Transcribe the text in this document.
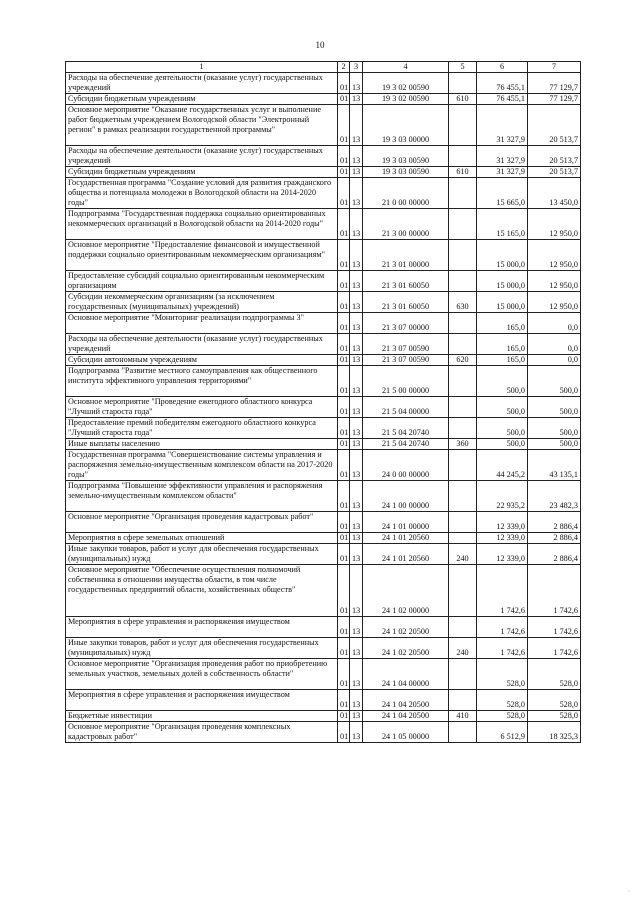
10
1	2	3	4	5	6	7
Расходы на обеспечение деятельности (оказание услуг) государственных учреждений	01	13	19 3 02 00590		76 455,1	77 129,7
Субсидии бюджетным учреждениям	01	13	19 3 02 00590	610	76 455,1	77 129,7
Основное мероприятие "Оказание государственных услуг и выполнение работ бюджетным учреждением Вологодской области "Электронный регион" в рамках реализации государственной программы"	01	13	19 3 03 00000		31 327,9	20 513,7
Расходы на обеспечение деятельности (оказание услуг) государственных учреждений	01	13	19 3 03 00590		31 327,9	20 513,7
Субсидии бюджетным учреждениям	01	13	19 3 03 00590	610	31 327,9	20 513,7
Государственная программа "Создание условий для развития гражданского общества и потенциала молодежи в Вологодской области на 2014-2020 годы"	01	13	21 0 00 00000		15 665,0	13 450,0
Подпрограмма "Государственная поддержка социально ориентированных некоммерческих организаций в Вологодской области на 2014-2020 годы"	01	13	21 3 00 00000		15 165,0	12 950,0
Основное мероприятие "Предоставление финансовой и имущественной поддержки социально ориентированным некоммерческим организациям"	01	13	21 3 01 00000		15 000,0	12 950,0
Предоставление субсидий социально ориентированным некоммерческим организациям	01	13	21 3 01 60050		15 000,0	12 950,0
Субсидии некоммерческим организациям (за исключением государственных (муниципальных) учреждений)	01	13	21 3 01 60050	630	15 000,0	12 950,0
Основное мероприятие "Мониторинг реализации подпрограммы 3"	01	13	21 3 07 00000		165,0	0,0
Расходы на обеспечение деятельности (оказание услуг) государственных учреждений	01	13	21 3 07 00590		165,0	0,0
Субсидии автономным учреждениям	01	13	21 3 07 00590	620	165,0	0,0
Подпрограмма "Развитие местного самоуправления как общественного института эффективного управления территориями"	01	13	21 5 00 00000		500,0	500,0
Основное мероприятие "Проведение ежегодного областного конкурса "Лучший староста года"	01	13	21 5 04 00000		500,0	500,0
Предоставление премий победителям ежегодного областного конкурса "Лучший староста года"	01	13	21 5 04 20740		500,0	500,0
Иные выплаты населению	01	13	21 5 04 20740	360	500,0	500,0
Государственная программа "Совершенствование системы управления и распоряжения земельно-имущественным комплексом области на 2017-2020 годы"	01	13	24 0 00 00000		44 245,2	43 135,1
Подпрограмма "Повышение эффективности управления и распоряжения земельно-имущественным комплексом области"	01	13	24 1 00 00000		22 935,2	23 482,3
Основное мероприятие "Организация проведения кадастровых работ"	01	13	24 1 01 00000		12 339,0	2 886,4
Мероприятия в сфере земельных отношений	01	13	24 1 01 20560		12 339,0	2 886,4
Иные закупки товаров, работ и услуг для обеспечения государственных (муниципальных) нужд	01	13	24 1 01 20560	240	12 339,0	2 886,4
Основное мероприятие "Обеспечение осуществления полномочий собственника в отношении имущества области, в том числе государственных предприятий области, хозяйственных обществ"	01	13	24 1 02 00000		1 742,6	1 742,6
Мероприятия в сфере управления и распоряжения имуществом	01	13	24 1 02 20500		1 742,6	1 742,6
Иные закупки товаров, работ и услуг для обеспечения государственных (муниципальных) нужд	01	13	24 1 02 20500	240	1 742,6	1 742,6
Основное мероприятие "Организация проведения работ по приобретению земельных участков, земельных долей в собственность области"	01	13	24 1 04 00000		528,0	528,0
Мероприятия в сфере управления и распоряжения имуществом	01	13	24 1 04 20500		528,0	528,0
Бюджетные инвестиции	01	13	24 1 04 20500	410	528,0	528,0
Основное мероприятие "Организация проведения комплексных кадастровых работ"	01	13	24 1 05 00000		6 512,9	18 325,3
·
